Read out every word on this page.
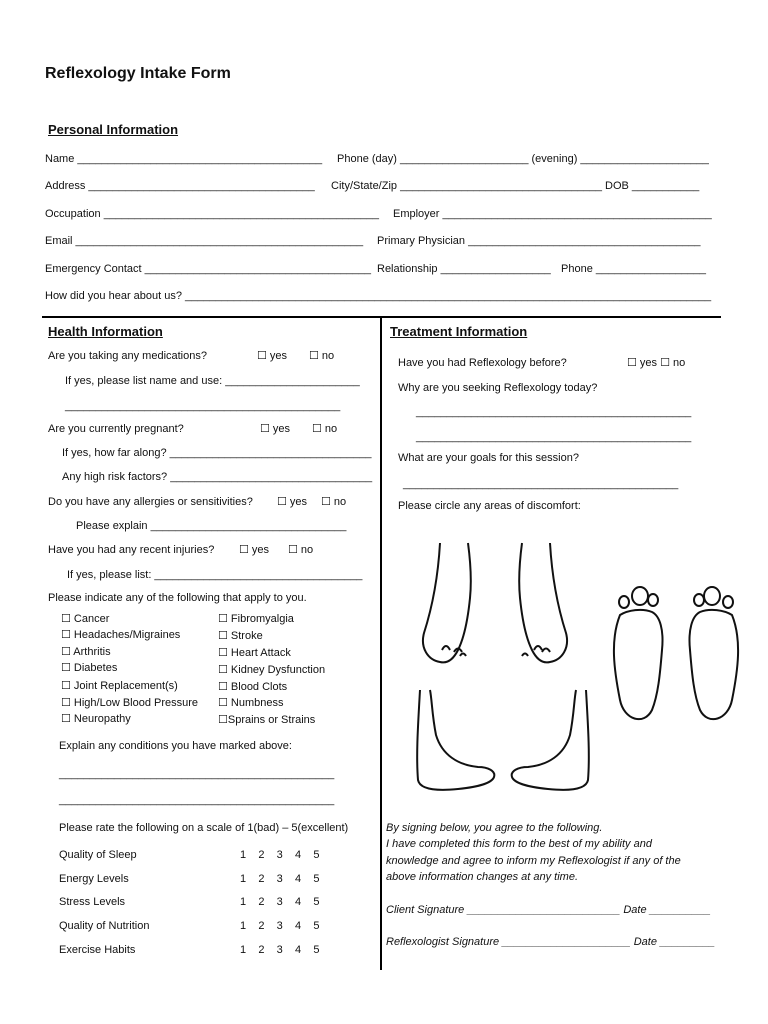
Reflexology Intake Form
Personal Information
Name ________________________________________ Phone (day) _____________________ (evening) _____________________
Address _____________________________________ City/State/Zip _________________________________ DOB ___________
Occupation _____________________________________________ Employer ____________________________________________
Email _______________________________________________ Primary Physician ______________________________________
Emergency Contact _____________________________________ Relationship __________________ Phone __________________
How did you hear about us? ______________________________________________________________________________________
Health Information
Are you taking any medications?	☐ yes ☐ no
If yes, please list name and use: ______________________
_____________________________________________
Are you currently pregnant?	☐ yes ☐ no
If yes, how far along? _________________________________
Any high risk factors? _________________________________
Do you have any allergies or sensitivities? ☐ yes ☐ no
Please explain ________________________________
Have you had any recent injuries? ☐ yes ☐ no
If yes, please list: __________________________________
Please indicate any of the following that apply to you.
☐ Cancer
☐ Headaches/Migraines
☐ Arthritis
☐ Diabetes
☐ Joint Replacement(s)
☐ High/Low Blood Pressure
☐ Neuropathy
☐ Fibromyalgia
☐ Stroke
☐ Heart Attack
☐ Kidney Dysfunction
☐ Blood Clots
☐ Numbness
☐Sprains or Strains
Explain any conditions you have marked above:
_____________________________________________
_____________________________________________
Please rate the following on a scale of 1(bad) – 5(excellent)
Quality of Sleep	1    2    3    4    5
Energy Levels	1    2    3    4    5
Stress Levels	1    2    3    4    5
Quality of Nutrition	1    2    3    4    5
Exercise Habits	1    2    3    4    5
Treatment Information
Have you had Reflexology before?	☐ yes ☐ no
Why are you seeking Reflexology today?
_____________________________________________
_____________________________________________
What are your goals for this session?
_____________________________________________
Please circle any areas of discomfort:
By signing below, you agree to the following.
I have completed this form to the best of my ability and
knowledge and agree to inform my Reflexologist if any of the
above information changes at any time.
Client Signature _________________________ Date __________
Reflexologist Signature _____________________ Date _________
